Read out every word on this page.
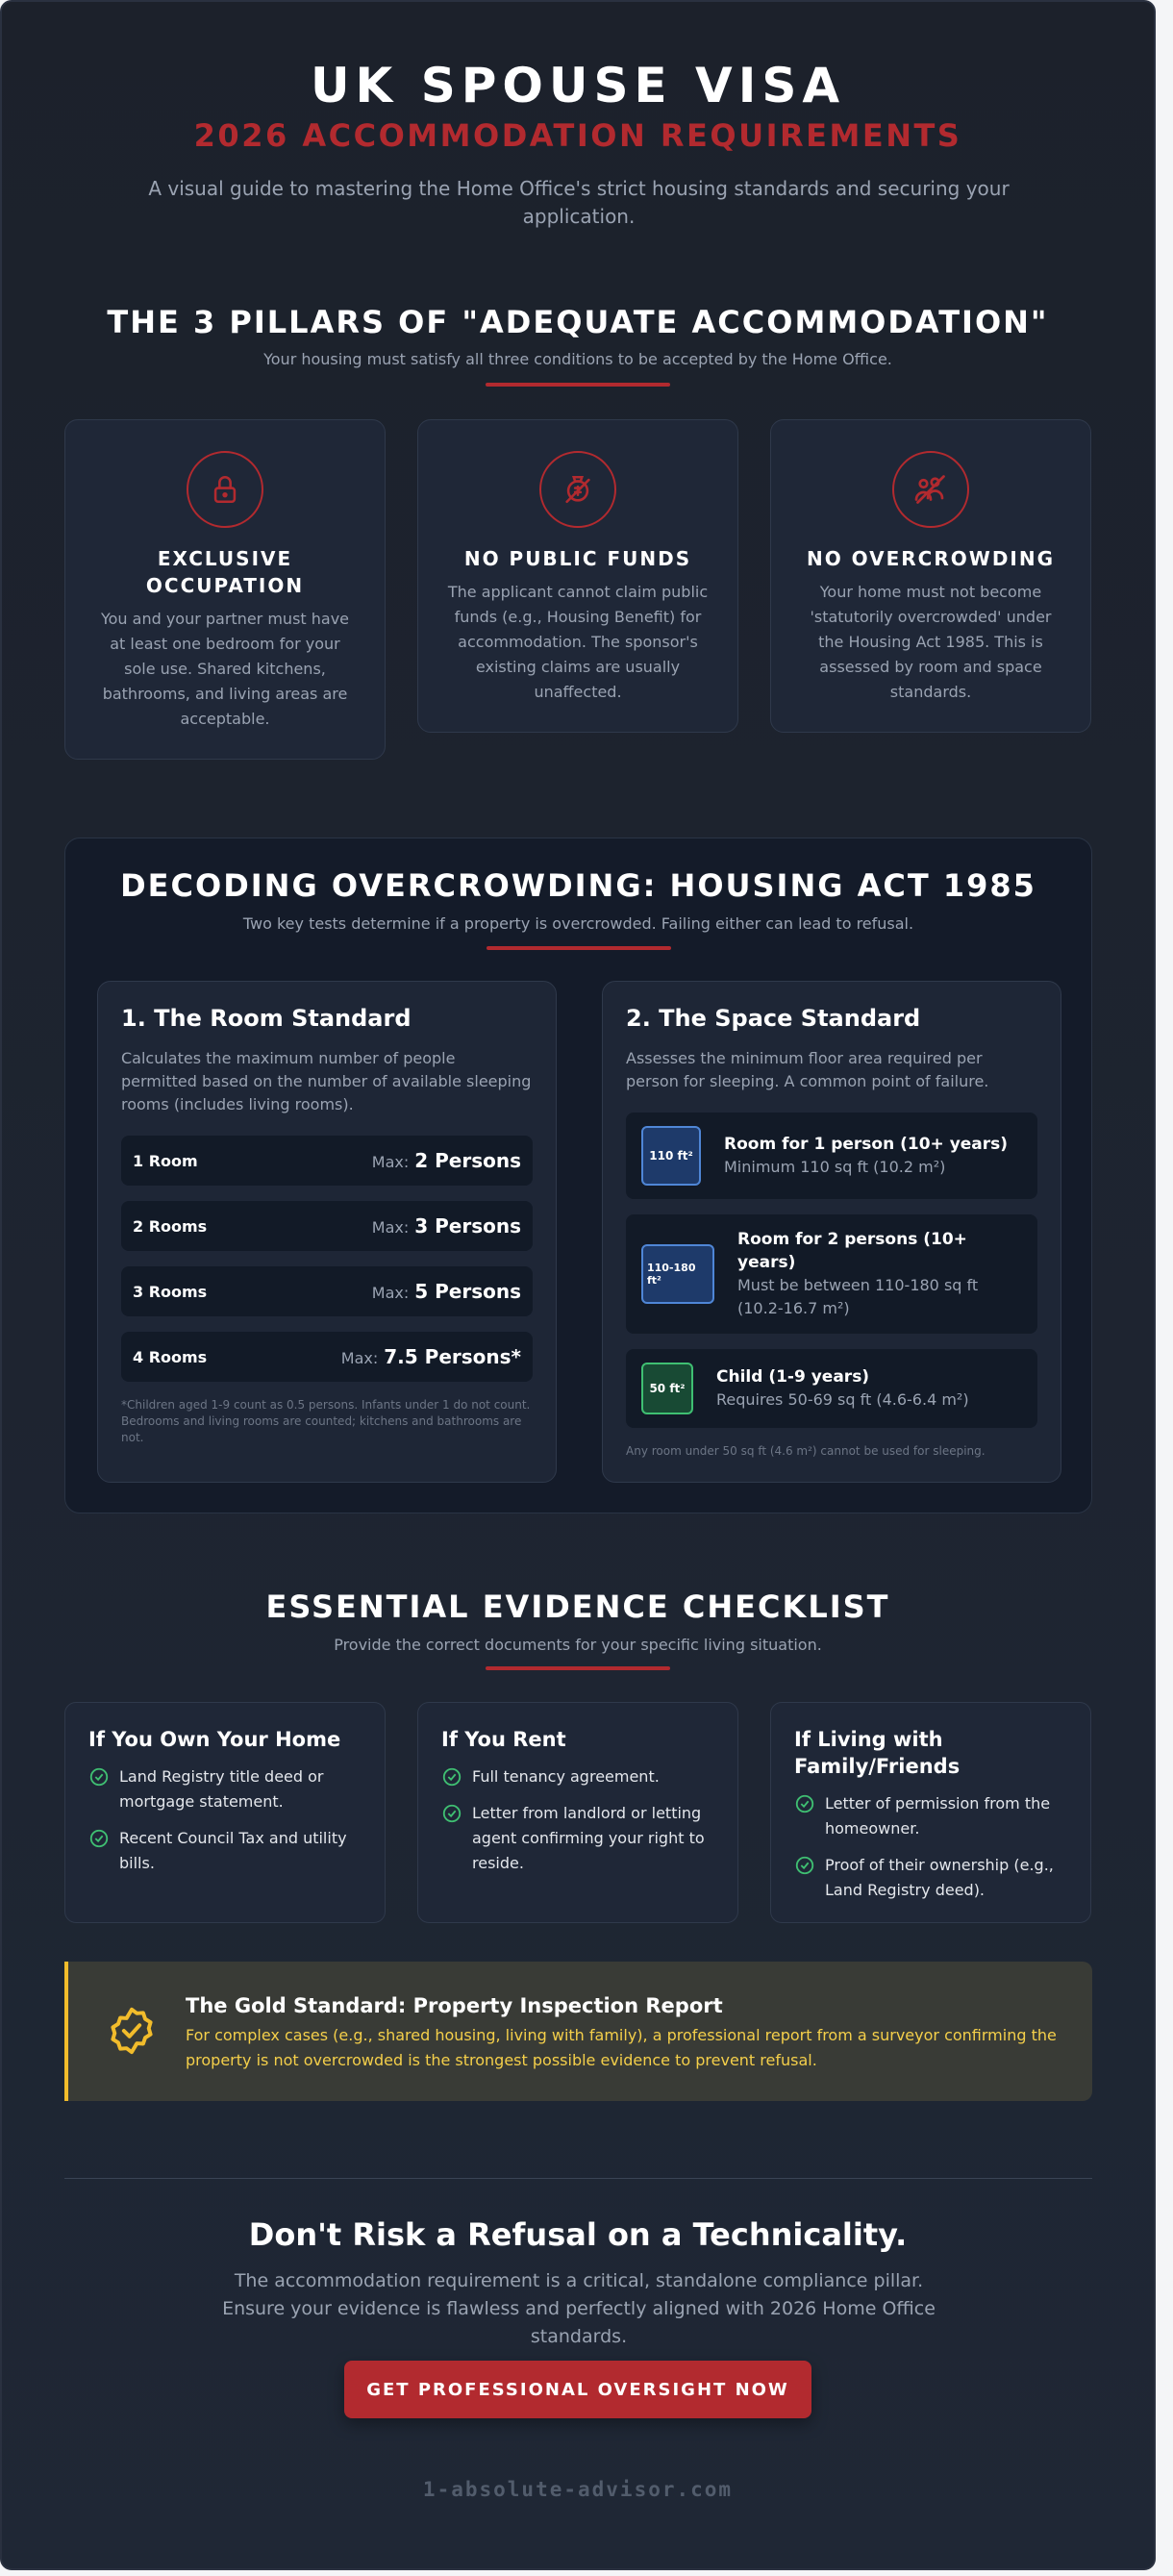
UK SPOUSE VISA
2026 ACCOMMODATION REQUIREMENTS
A visual guide to mastering the Home Office's strict housing standards and securing your application.
THE 3 PILLARS OF "ADEQUATE ACCOMMODATION"
Your housing must satisfy all three conditions to be accepted by the Home Office.
EXCLUSIVE OCCUPATION

You and your partner must have at least one bedroom for your sole use. Shared kitchens, bathrooms, and living areas are acceptable.

NO PUBLIC FUNDS

The applicant cannot claim public funds (e.g., Housing Benefit) for accommodation. The sponsor's existing claims are usually unaffected.

NO OVERCROWDING

Your home must not become 'statutorily overcrowded' under the Housing Act 1985. This is assessed by room and space standards.

DECODING OVERCROWDING: HOUSING ACT 1985
Two key tests determine if a property is overcrowded. Failing either can lead to refusal.
1. The Room Standard
Calculates the maximum number of people permitted based on the number of available sleeping rooms (includes living rooms).
1 Room	Max: 2 Persons
2 Rooms	Max: 3 Persons
3 Rooms	Max: 5 Persons
4 Rooms	Max: 7.5 Persons*
*Children aged 1-9 count as 0.5 persons. Infants under 1 do not count. Bedrooms and living rooms are counted; kitchens and bathrooms are not.
2. The Space Standard
Assesses the minimum floor area required per person for sleeping. A common point of failure.
110 ft²
Room for 1 person (10+ years)
Minimum 110 sq ft (10.2 m²)
110-180 ft²
Room for 2 persons (10+ years)
Must be between 110-180 sq ft (10.2-16.7 m²)
50 ft²
Child (1-9 years)
Requires 50-69 sq ft (4.6-6.4 m²)
Any room under 50 sq ft (4.6 m²) cannot be used for sleeping.
ESSENTIAL EVIDENCE CHECKLIST
Provide the correct documents for your specific living situation.
If You Own Your Home
Land Registry title deed or mortgage statement.
Recent Council Tax and utility bills.
If You Rent
Full tenancy agreement.
Letter from landlord or letting agent confirming your right to reside.
If Living with Family/Friends
Letter of permission from the homeowner.
Proof of their ownership (e.g., Land Registry deed).
The Gold Standard: Property Inspection Report

For complex cases (e.g., shared housing, living with family), a professional report from a surveyor confirming the property is not overcrowded is the strongest possible evidence to prevent refusal.

Don't Risk a Refusal on a Technicality.
The accommodation requirement is a critical, standalone compliance pillar. Ensure your evidence is flawless and perfectly aligned with 2026 Home Office standards.
GET PROFESSIONAL OVERSIGHT NOW
1-absolute-advisor.com
